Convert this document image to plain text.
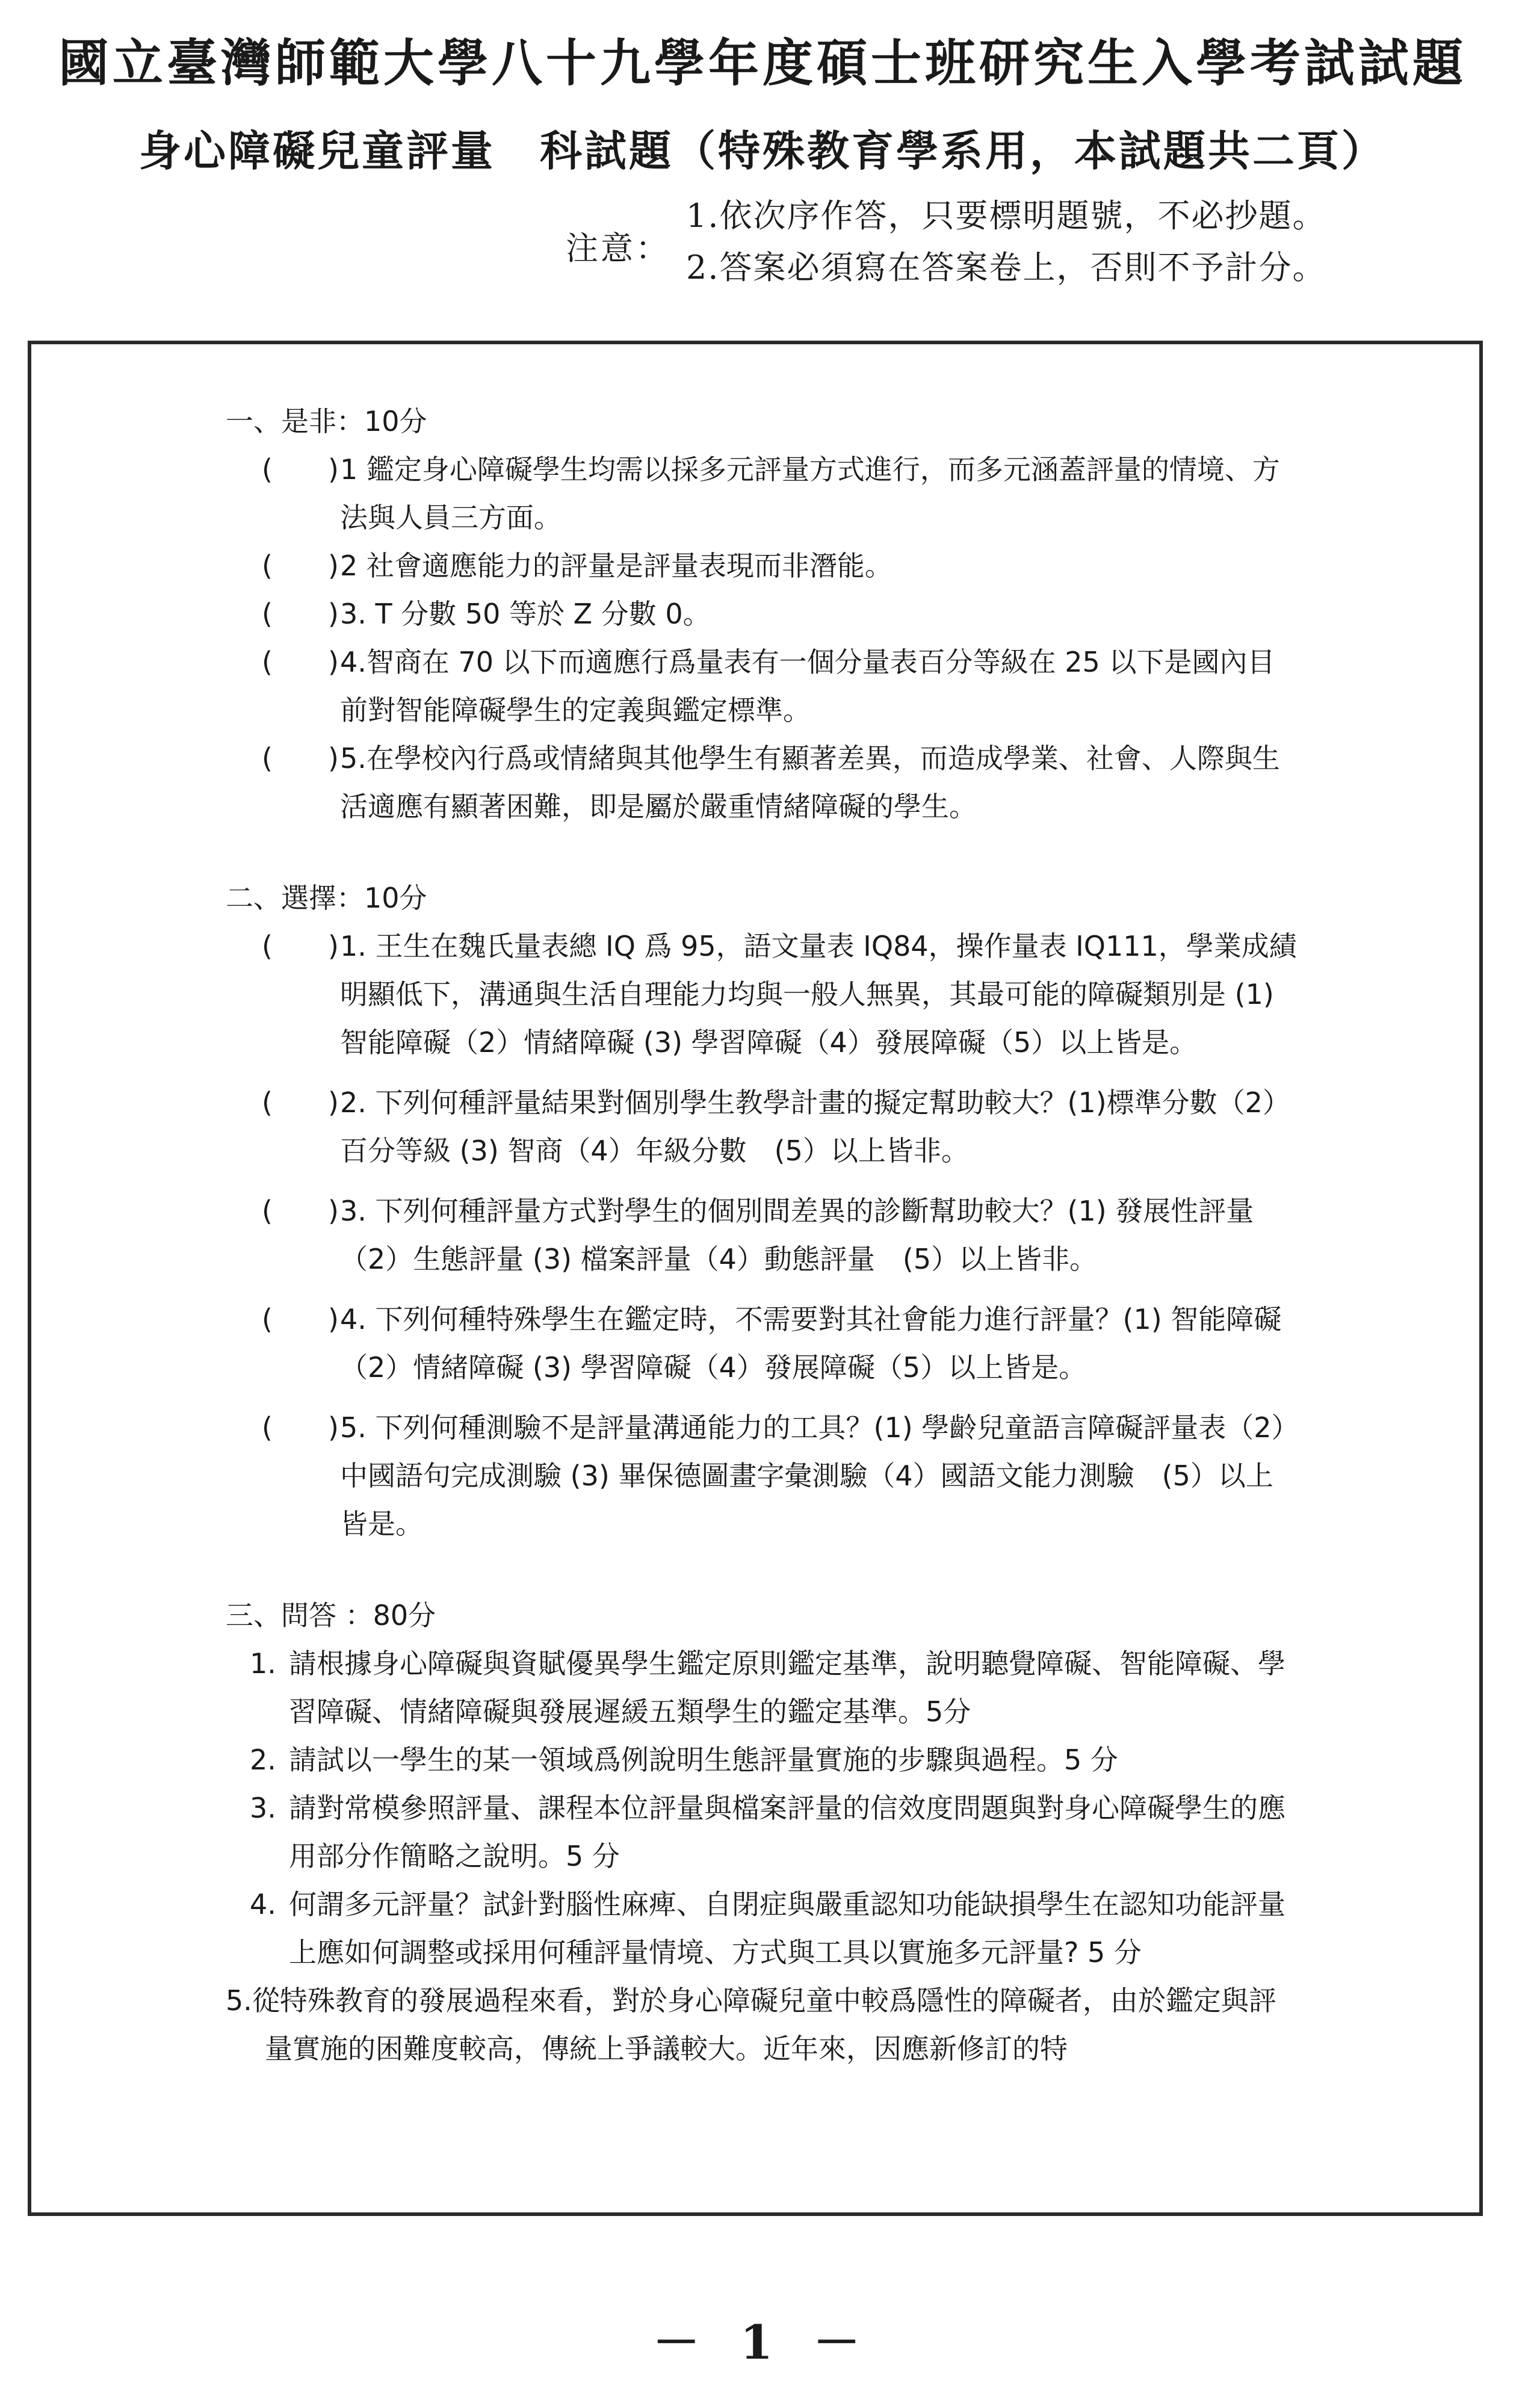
國立臺灣師範大學八十九學年度碩士班研究生入學考試試題
身心障礙兒童評量　科試題（特殊教育學系用，本試題共二頁）
注意：
1.依次序作答，只要標明題號，不必抄題。
2.答案必須寫在答案卷上，否則不予計分。
一、是非：10分
(　　) 1 鑑定身心障礙學生均需以採多元評量方式進行，而多元涵蓋評量的情境、方法與人員三方面。
(　　) 2 社會適應能力的評量是評量表現而非潛能。
(　　) 3. T 分數 50 等於 Z 分數 0。
(　　) 4.智商在 70 以下而適應行爲量表有一個分量表百分等級在 25 以下是國內目前對智能障礙學生的定義與鑑定標準。
(　　) 5.在學校內行爲或情緒與其他學生有顯著差異，而造成學業、社會、人際與生活適應有顯著困難，即是屬於嚴重情緒障礙的學生。
二、選擇：10分
(　　) 1. 王生在魏氏量表總 IQ 爲 95，語文量表 IQ84，操作量表 IQ111，學業成績明顯低下，溝通與生活自理能力均與一般人無異，其最可能的障礙類別是 (1)智能障礙（2）情緒障礙 (3) 學習障礙（4）發展障礙（5）以上皆是。
(　　) 2. 下列何種評量結果對個別學生教學計畫的擬定幫助較大？(1)標準分數（2）百分等級 (3) 智商（4）年級分數　(5）以上皆非。
(　　) 3. 下列何種評量方式對學生的個別間差異的診斷幫助較大？(1) 發展性評量（2）生態評量 (3) 檔案評量（4）動態評量　(5）以上皆非。
(　　) 4. 下列何種特殊學生在鑑定時，不需要對其社會能力進行評量？(1) 智能障礙（2）情緒障礙 (3) 學習障礙（4）發展障礙（5）以上皆是。
(　　) 5. 下列何種測驗不是評量溝通能力的工具？(1) 學齡兒童語言障礙評量表（2）中國語句完成測驗 (3) 畢保德圖畫字彙測驗（4）國語文能力測驗　(5）以上皆是。
三、問答 ：80分
1. 請根據身心障礙與資賦優異學生鑑定原則鑑定基準，說明聽覺障礙、智能障礙、學習障礙、情緒障礙與發展遲緩五類學生的鑑定基準。5分
2. 請試以一學生的某一領域爲例說明生態評量實施的步驟與過程。5 分
3. 請對常模參照評量、課程本位評量與檔案評量的信效度問題與對身心障礙學生的應用部分作簡略之說明。5 分
4. 何謂多元評量？試針對腦性麻痺、自閉症與嚴重認知功能缺損學生在認知功能評量上應如何調整或採用何種評量情境、方式與工具以實施多元評量? 5 分
5.從特殊教育的發展過程來看，對於身心障礙兒童中較爲隱性的障礙者，由於鑑定與評量實施的困難度較高，傳統上爭議較大。近年來，因應新修訂的特
－ 1 －
